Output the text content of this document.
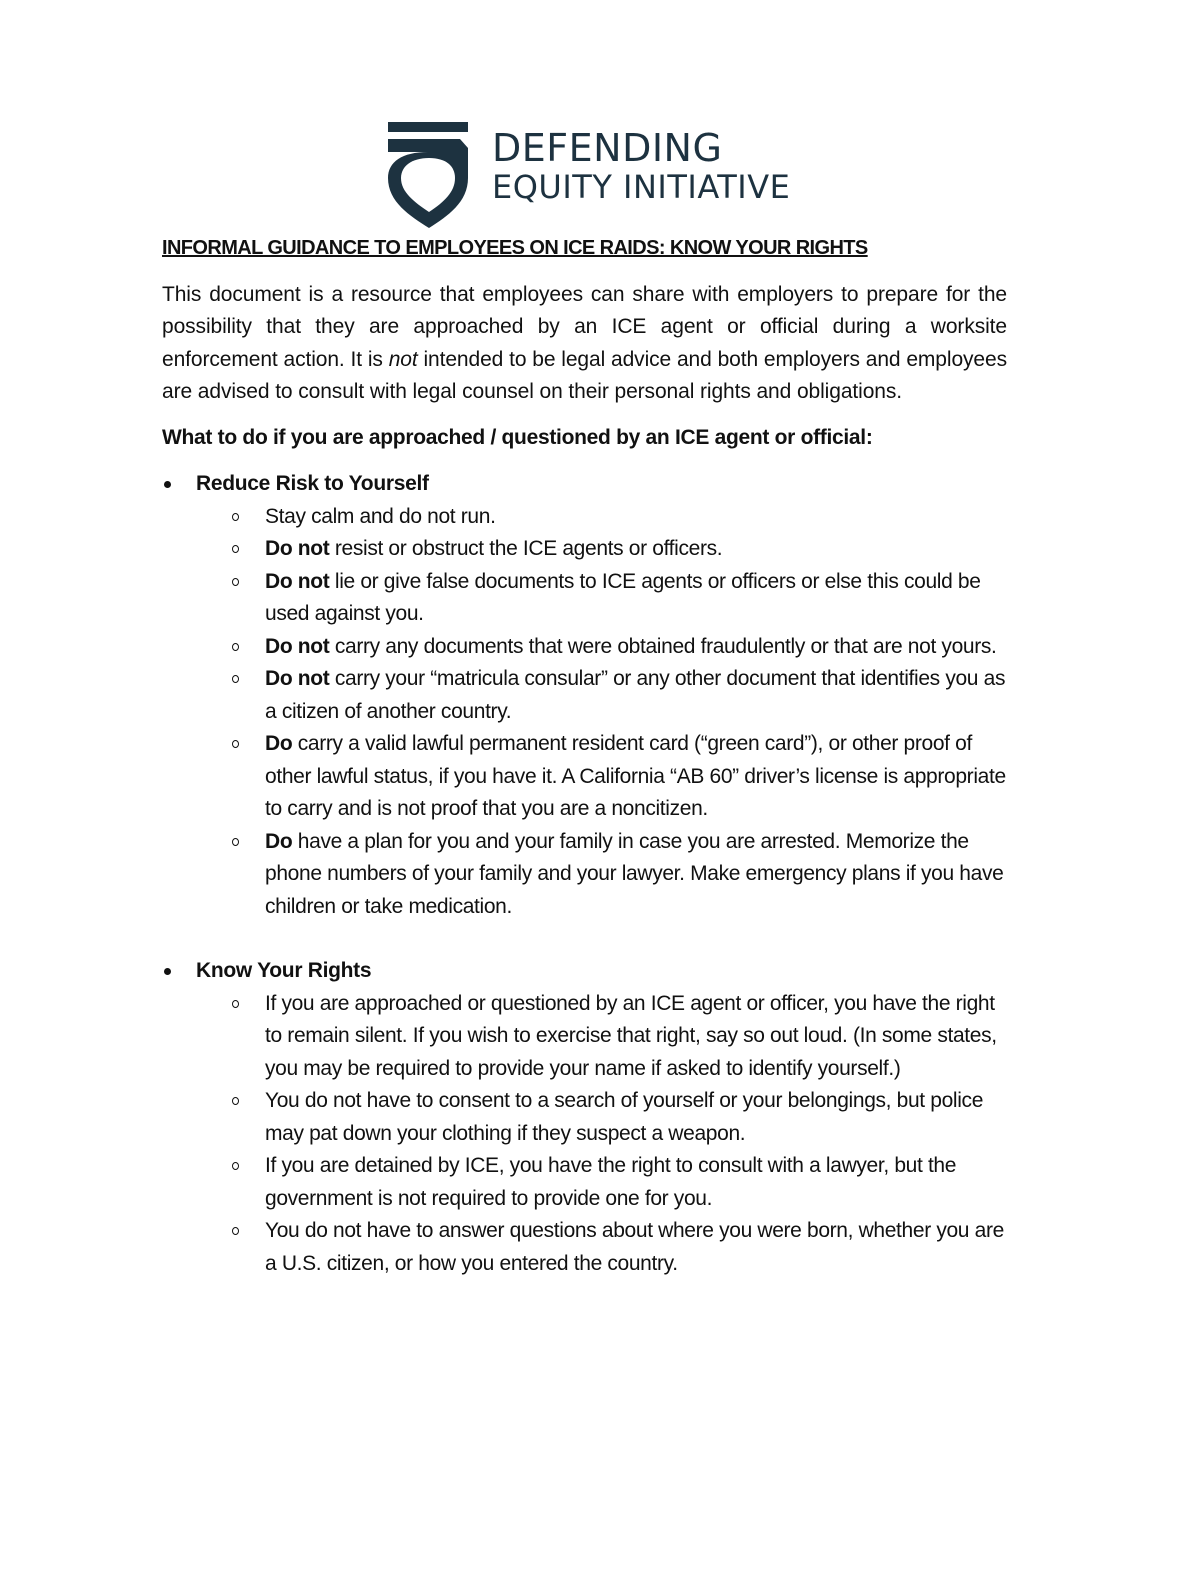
DEFENDING
EQUITY INITIATIVE

INFORMAL GUIDANCE TO EMPLOYEES ON ICE RAIDS: KNOW YOUR RIGHTS

This document is a resource that employees can share with employers to prepare for the possibility that they are approached by an ICE agent or official during a worksite enforcement action. It is not intended to be legal advice and both employers and employees are advised to consult with legal counsel on their personal rights and obligations.

What to do if you are approached / questioned by an ICE agent or official:

Reduce Risk to Yourself
Stay calm and do not run.
Do not resist or obstruct the ICE agents or officers.
Do not lie or give false documents to ICE agents or officers or else this could be used against you.
Do not carry any documents that were obtained fraudulently or that are not yours.
Do not carry your “matricula consular” or any other document that identifies you as a citizen of another country.
Do carry a valid lawful permanent resident card (“green card”), or other proof of other lawful status, if you have it. A California “AB 60” driver’s license is appropriate to carry and is not proof that you are a noncitizen.
Do have a plan for you and your family in case you are arrested. Memorize the phone numbers of your family and your lawyer. Make emergency plans if you have children or take medication.
Know Your Rights
If you are approached or questioned by an ICE agent or officer, you have the right to remain silent. If you wish to exercise that right, say so out loud. (In some states, you may be required to provide your name if asked to identify yourself.)
You do not have to consent to a search of yourself or your belongings, but police may pat down your clothing if they suspect a weapon.
If you are detained by ICE, you have the right to consult with a lawyer, but the government is not required to provide one for you.
You do not have to answer questions about where you were born, whether you are a U.S. citizen, or how you entered the country.
